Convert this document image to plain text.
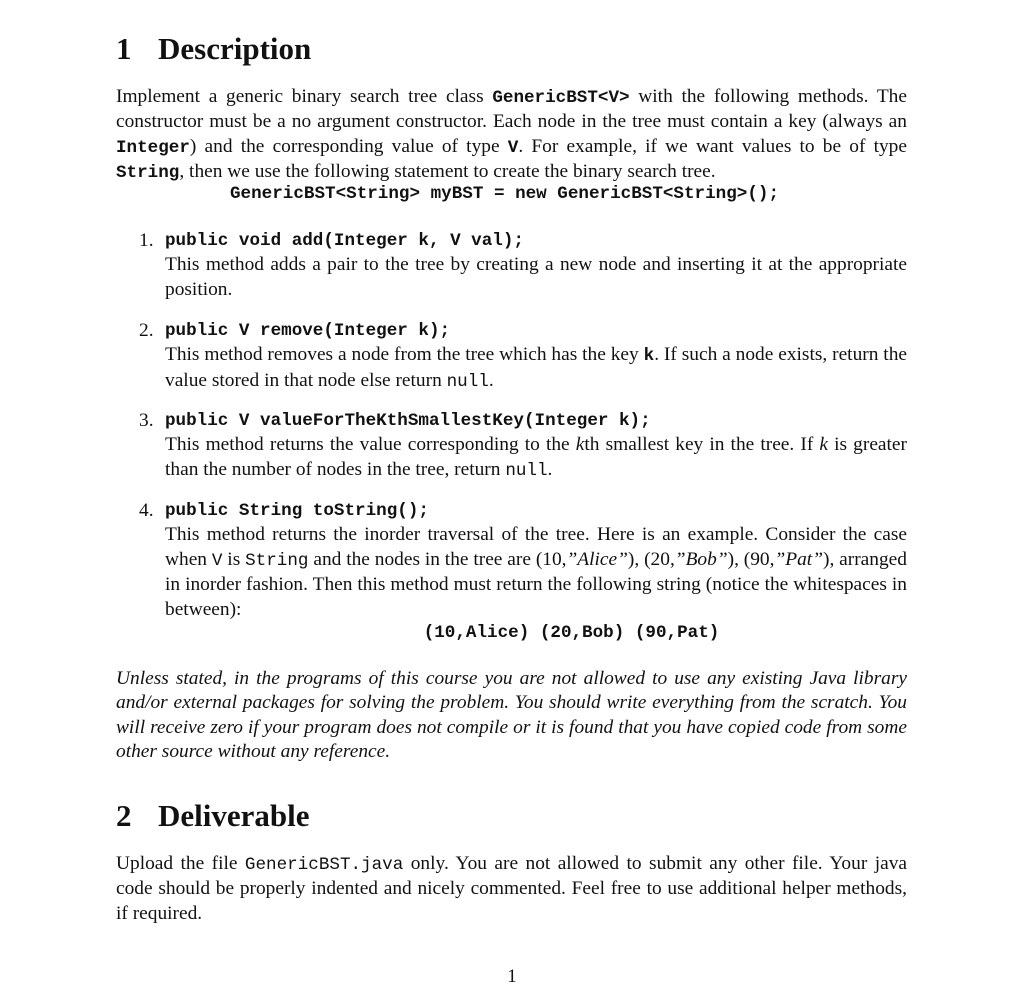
1 Description

Implement a generic binary search tree class GenericBST<V> with the following methods. The constructor must be a no argument constructor. Each node in the tree must contain a key (always an Integer) and the corresponding value of type V. For example, if we want values to be of type String, then we use the following statement to create the binary search tree.

GenericBST<String> myBST = new GenericBST<String>();
1. public void add(Integer k, V val);

This method adds a pair to the tree by creating a new node and inserting it at the appropriate position.

2. public V remove(Integer k);

This method removes a node from the tree which has the key k. If such a node exists, return the value stored in that node else return null.

3. public V valueForTheKthSmallestKey(Integer k);

This method returns the value corresponding to the kth smallest key in the tree. If k is greater than the number of nodes in the tree, return null.

4. public String toString();

This method returns the inorder traversal of the tree. Here is an example. Consider the case when V is String and the nodes in the tree are (10,”Alice”), (20,”Bob”), (90,”Pat”), arranged in inorder fashion. Then this method must return the following string (notice the whitespaces in between):

(10,Alice) (20,Bob) (90,Pat)

Unless stated, in the programs of this course you are not allowed to use any existing Java library and/or external packages for solving the problem. You should write everything from the scratch. You will receive zero if your program does not compile or it is found that you have copied code from some other source without any reference.

2 Deliverable

Upload the file GenericBST.java only. You are not allowed to submit any other file. Your java code should be properly indented and nicely commented. Feel free to use additional helper methods, if required.

1
